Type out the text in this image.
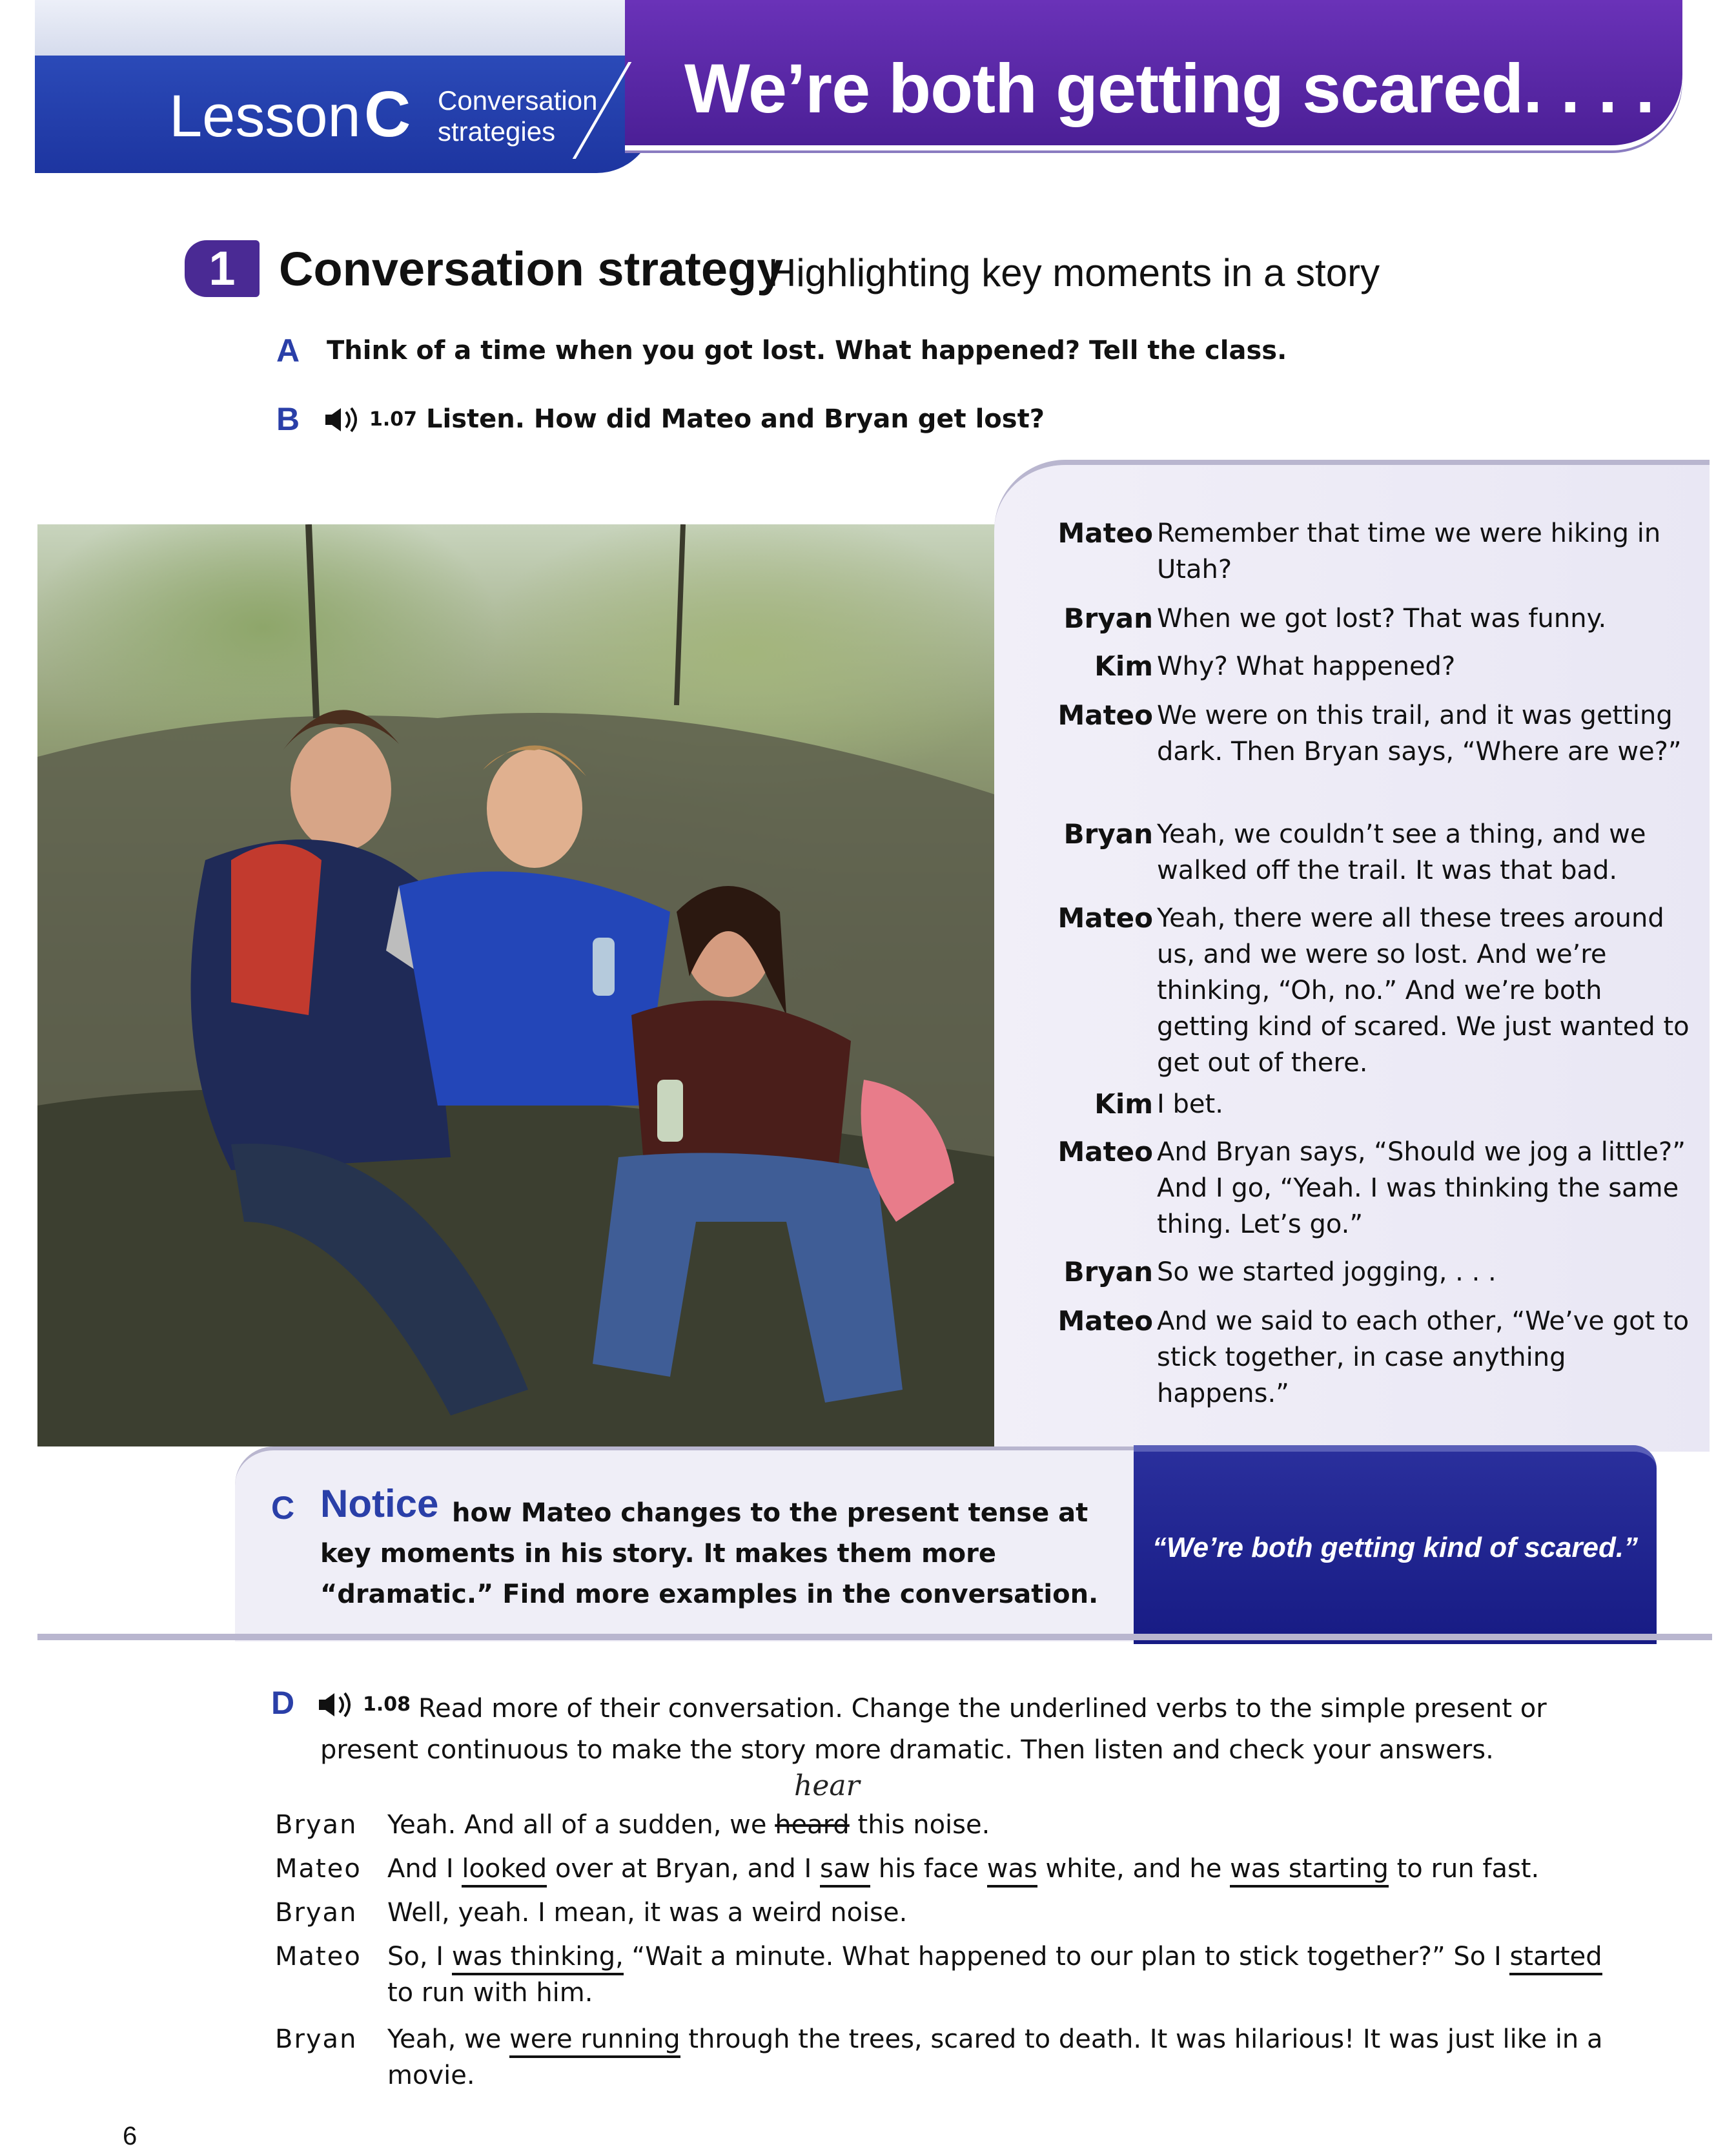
Lesson C Conversation
strategies
We’re both getting scared. . . .
1 Conversation strategy
Highlighting key moments in a story
A Think of a time when you got lost. What happened? Tell the class.
B	1.07 Listen. How did Mateo and Bryan get lost?
Mateo Remember that time we were hiking in Utah?
Bryan When we got lost? That was funny.
Kim Why? What happened?
Mateo We were on this trail, and it was getting dark. Then Bryan says, “Where are we?”
Bryan Yeah, we couldn’t see a thing, and we walked off the trail. It was that bad.
Mateo Yeah, there were all these trees around us, and we were so lost. And we’re thinking, “Oh, no.” And we’re both getting kind of scared. We just wanted to get out of there.
Kim I bet.
Mateo And Bryan says, “Should we jog a little?” And I go, “Yeah. I was thinking the same thing. Let’s go.”
Bryan So we started jogging, . . .
Mateo And we said to each other, “We’ve got to stick together, in case anything happens.”
“We’re both getting kind of scared.”
C Notice how Mateo changes to the present tense at key moments in his story. It makes them more “dramatic.” Find more examples in the conversation.
D	1.08 Read more of their conversation. Change the underlined verbs to the simple present or present continuous to make the story more dramatic. Then listen and check your answers.
hear
Bryan Yeah. And all of a sudden, we heard this noise.
Mateo And I looked over at Bryan, and I saw his face was white, and he was starting to run fast.
Bryan Well, yeah. I mean, it was a weird noise.
Mateo So, I was thinking, “Wait a minute. What happened to our plan to stick together?” So I started to run with him.
Bryan Yeah, we were running through the trees, scared to death. It was hilarious! It was just like in a movie.
6
